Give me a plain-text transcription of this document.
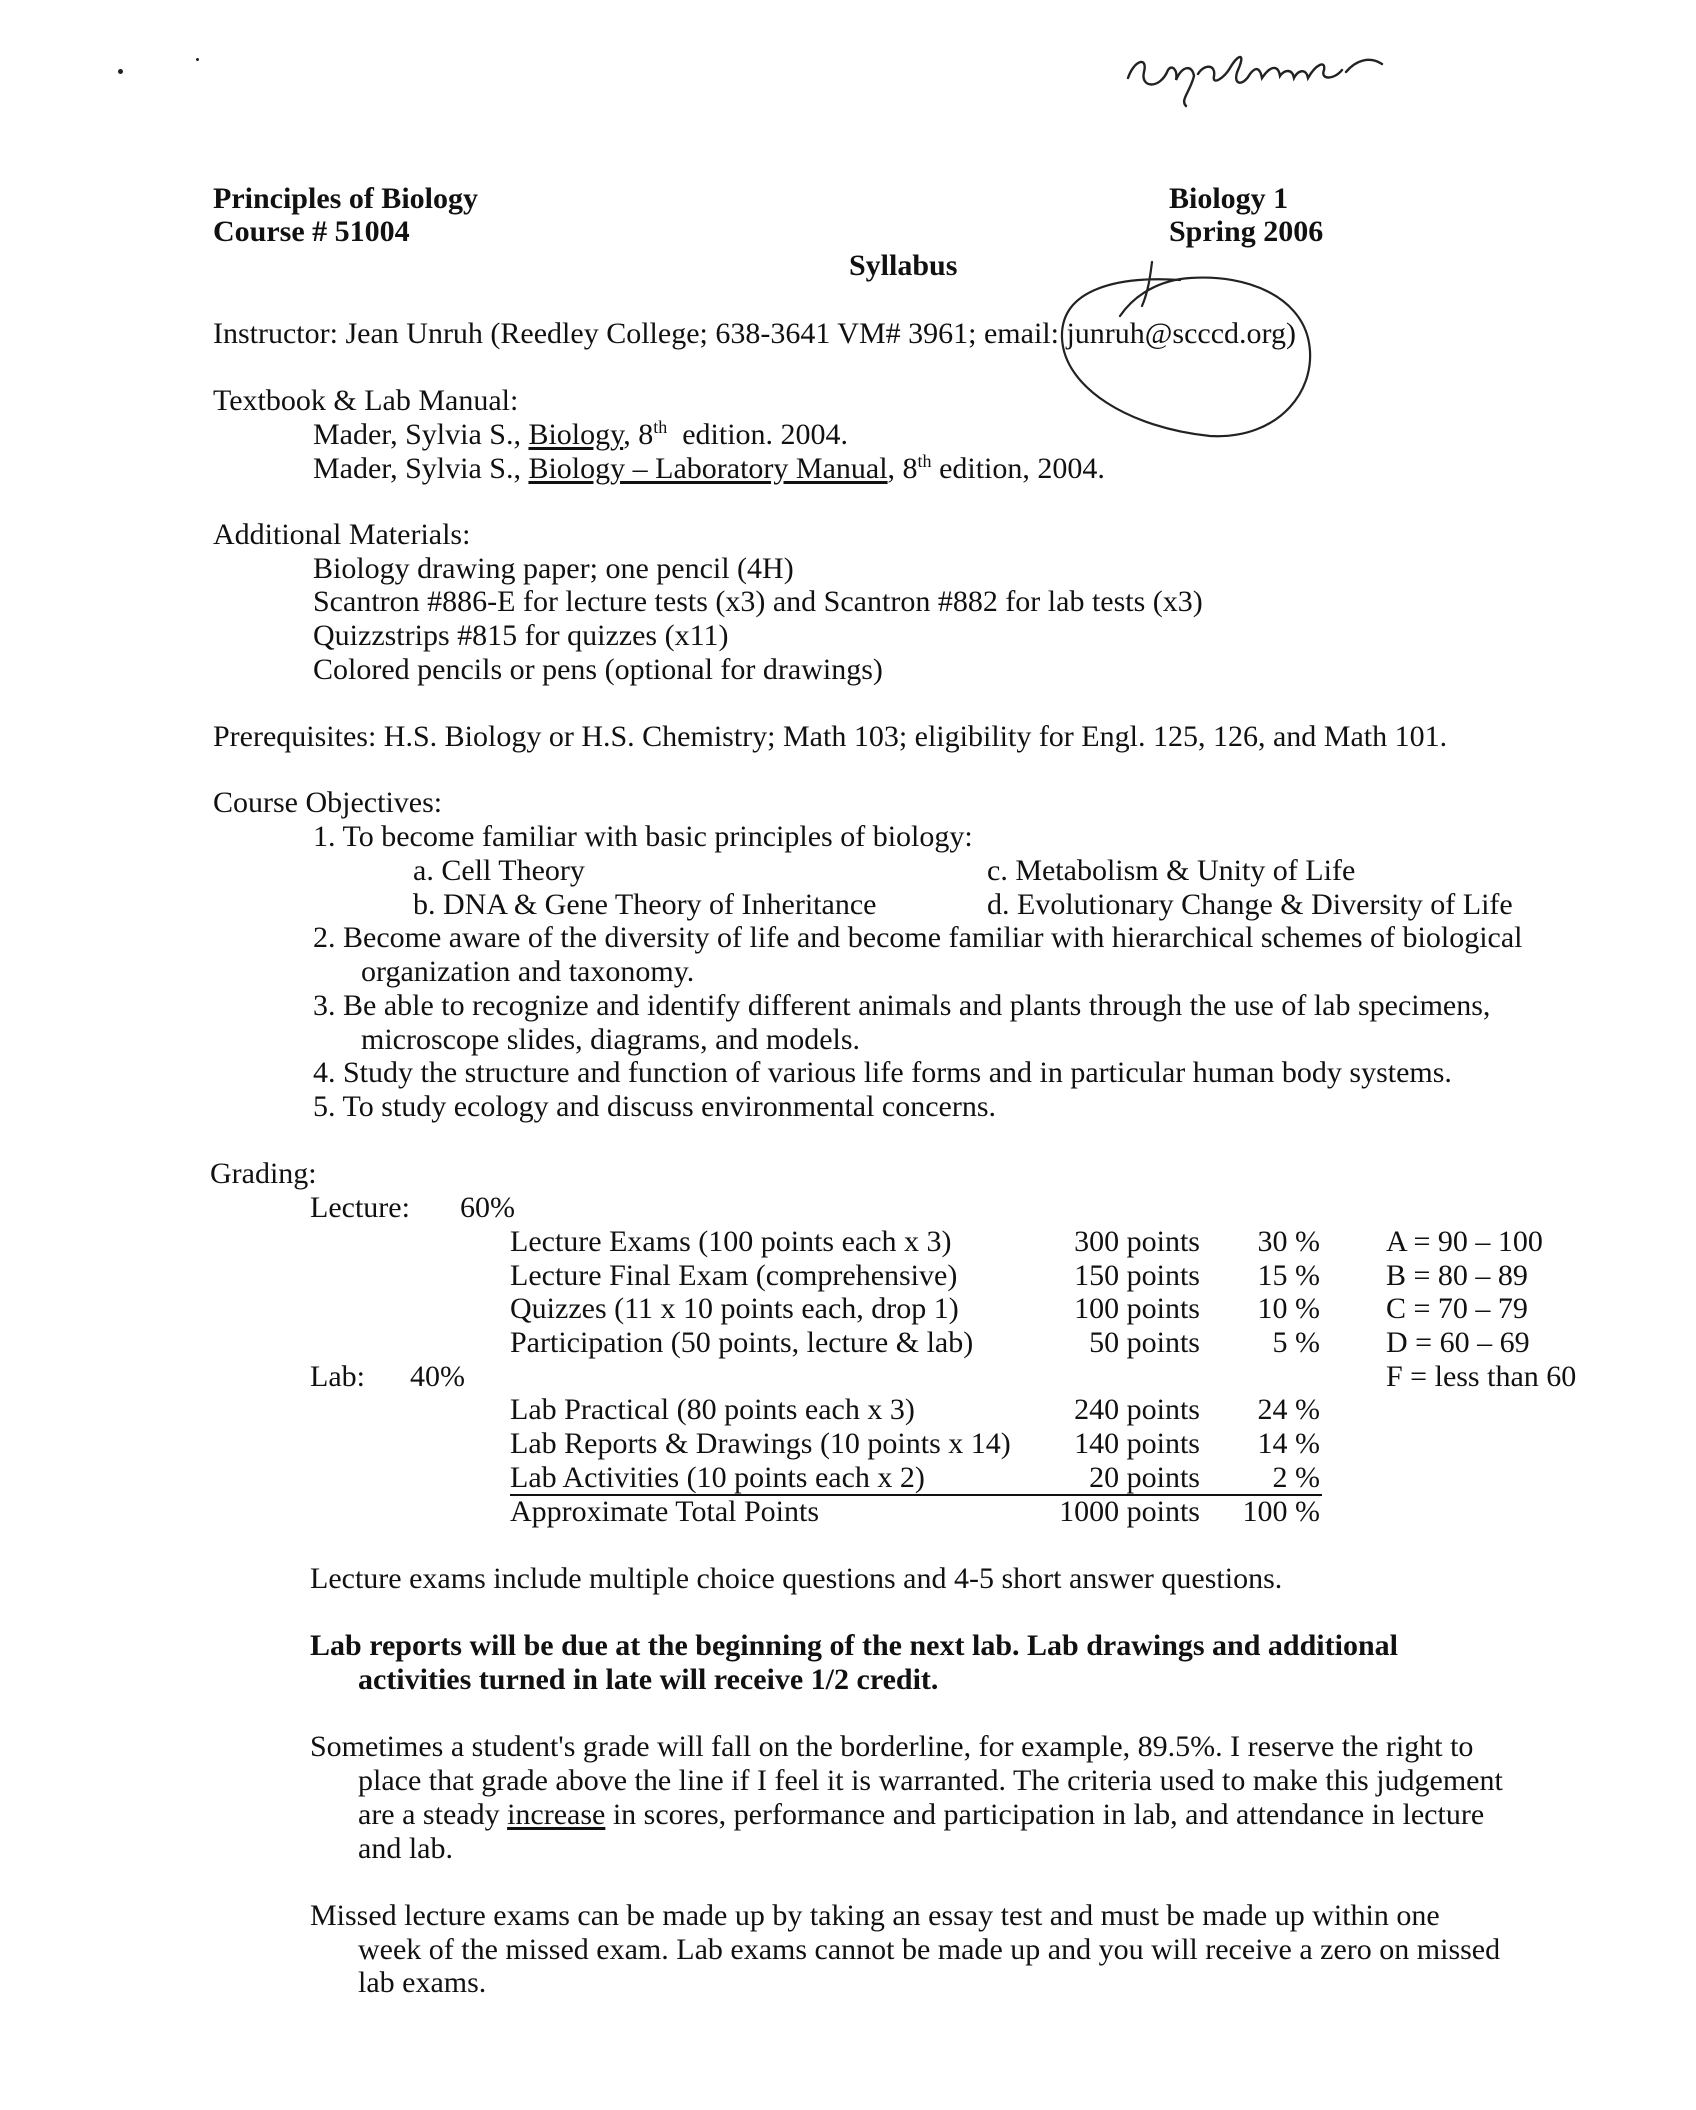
Principles of Biology
Course # 51004
Biology 1
Spring 2006
Syllabus
Instructor: Jean Unruh (Reedley College; 638-3641 VM# 3961; email: junruh@scccd.org)
Textbook & Lab Manual:
Mader, Sylvia S., Biology, 8th edition. 2004.
Mader, Sylvia S., Biology – Laboratory Manual, 8th edition, 2004.
Additional Materials:
Biology drawing paper; one pencil (4H)
Scantron #886-E for lecture tests (x3) and Scantron #882 for lab tests (x3)
Quizzstrips #815 for quizzes (x11)
Colored pencils or pens (optional for drawings)
Prerequisites: H.S. Biology or H.S. Chemistry; Math 103; eligibility for Engl. 125, 126, and Math 101.
Course Objectives:
1. To become familiar with basic principles of biology:
a. Cell Theory	c. Metabolism & Unity of Life
b. DNA & Gene Theory of Inheritance	d. Evolutionary Change & Diversity of Life
2. Become aware of the diversity of life and become familiar with hierarchical schemes of biological
organization and taxonomy.
3. Be able to recognize and identify different animals and plants through the use of lab specimens,
microscope slides, diagrams, and models.
4. Study the structure and function of various life forms and in particular human body systems.
5. To study ecology and discuss environmental concerns.
Grading:
Lecture: 60%
Lecture Exams (100 points each x 3)	300 points 30 %
Lecture Final Exam (comprehensive)	150 points 15 %
Quizzes (11 x 10 points each, drop 1)	100 points 10 %
Participation (50 points, lecture & lab)	50 points 5 %
Lab: 40%
Lab Practical (80 points each x 3)	240 points 24 %
Lab Reports & Drawings (10 points x 14) 140 points 14 %
Lab Activities (10 points each x 2)	20 points 2 %
Approximate Total Points	1000 points 100 %
A = 90 – 100
B = 80 – 89
C = 70 – 79
D = 60 – 69
F = less than 60
Lecture exams include multiple choice questions and 4-5 short answer questions.
Lab reports will be due at the beginning of the next lab. Lab drawings and additional
activities turned in late will receive 1/2 credit.
Sometimes a student's grade will fall on the borderline, for example, 89.5%. I reserve the right to
place that grade above the line if I feel it is warranted. The criteria used to make this judgement
are a steady increase in scores, performance and participation in lab, and attendance in lecture
and lab.
Missed lecture exams can be made up by taking an essay test and must be made up within one
week of the missed exam. Lab exams cannot be made up and you will receive a zero on missed
lab exams.
